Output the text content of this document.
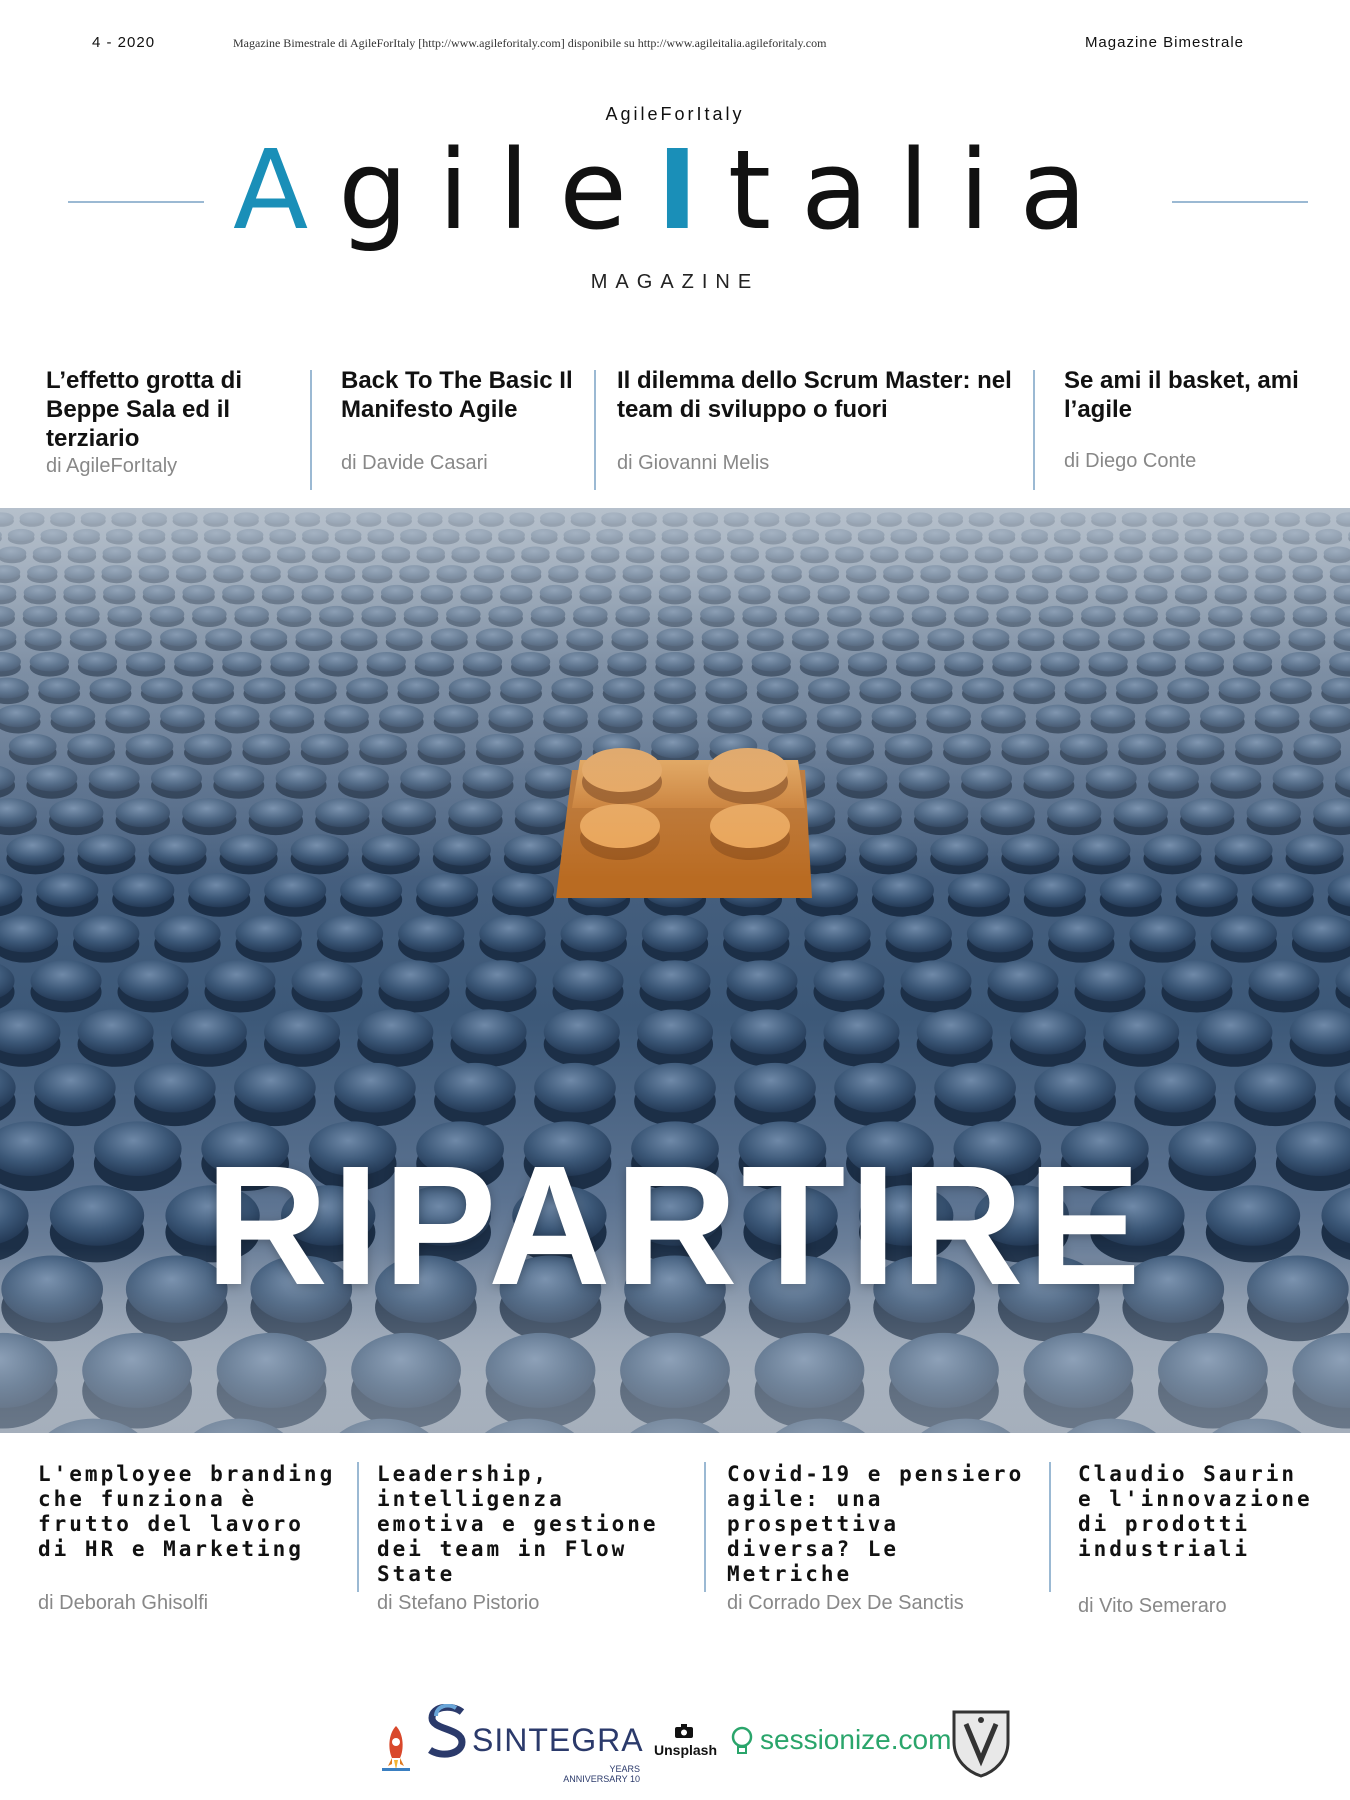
4 - 2020	Magazine Bimestrale di AgileForItaly [http://www.agileforitaly.com] disponibile su http://www.agileitalia.agileforitaly.com	Magazine Bimestrale
AgileForItaly
AgileItalia
MAGAZINE
L’effetto grotta di Beppe Sala ed il terziario
di AgileForItaly
Back To The Basic Il Manifesto Agile
di Davide Casari
Il dilemma dello Scrum Master: nel team di sviluppo o fuori
di Giovanni Melis
Se ami il basket, ami l’agile
di Diego Conte
RIPARTIRE
L'employee branding che funziona è frutto del lavoro di HR e Marketing
di Deborah Ghisolfi
Leadership, intelligenza emotiva e gestione dei team in Flow State
di Stefano Pistorio
Covid-19 e pensiero agile: una prospettiva diversa? Le Metriche
di Corrado Dex De Sanctis
Claudio Saurin e l'innovazione di prodotti industriali
di Vito Semeraro
SINTEGRA
YEARS ANNIVERSARY 10
Unsplash sessionize.com
